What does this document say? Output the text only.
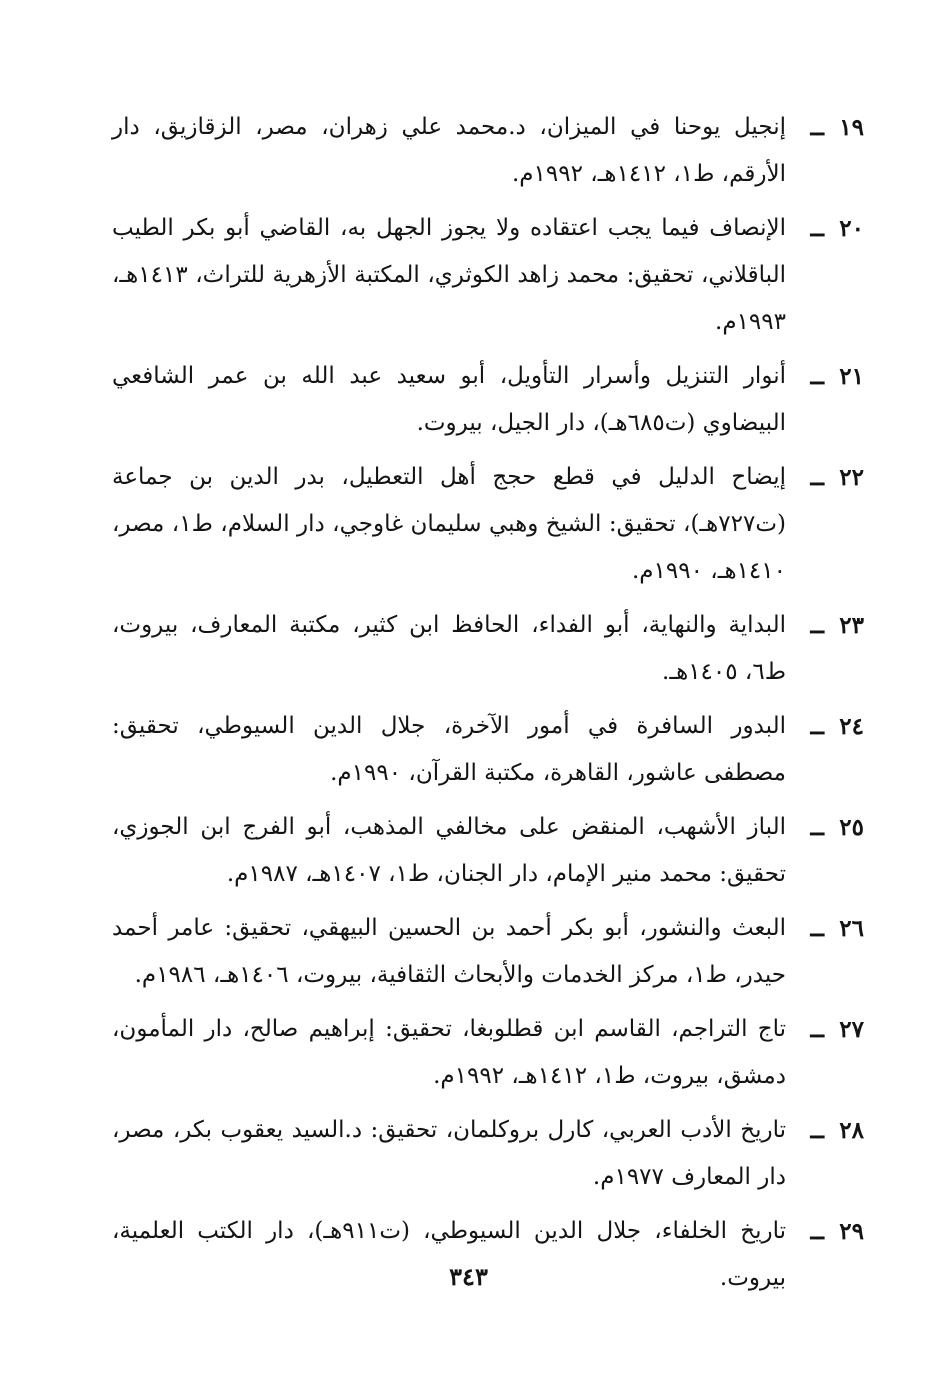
١٩
ــ
إنجيل يوحنا في الميزان، د.محمد علي زهران، مصر، الزقازيق، دار الأرقم، ط١، ١٤١٢هـ، ١٩٩٢م.
٢٠
ــ
الإنصاف فيما يجب اعتقاده ولا يجوز الجهل به، القاضي أبو بكر الطيب الباقلاني، تحقيق: محمد زاهد الكوثري، المكتبة الأزهرية للتراث، ١٤١٣هـ، ١٩٩٣م.
٢١
ــ
أنوار التنزيل وأسرار التأويل، أبو سعيد عبد الله بن عمر الشافعي البيضاوي (ت٦٨٥هـ)، دار الجيل، بيروت.
٢٢
ــ
إيضاح الدليل في قطع حجج أهل التعطيل، بدر الدين بن جماعة (ت٧٢٧هـ)، تحقيق: الشيخ وهبي سليمان غاوجي، دار السلام، ط١، مصر، ١٤١٠هـ، ١٩٩٠م.
٢٣
ــ
البداية والنهاية، أبو الفداء، الحافظ ابن كثير، مكتبة المعارف، بيروت، ط٦، ١٤٠٥هـ.
٢٤
ــ
البدور السافرة في أمور الآخرة، جلال الدين السيوطي، تحقيق: مصطفى عاشور، القاهرة، مكتبة القرآن، ١٩٩٠م.
٢٥
ــ
الباز الأشهب، المنقض على مخالفي المذهب، أبو الفرج ابن الجوزي، تحقيق: محمد منير الإمام، دار الجنان، ط١، ١٤٠٧هـ، ١٩٨٧م.
٢٦
ــ
البعث والنشور، أبو بكر أحمد بن الحسين البيهقي، تحقيق: عامر أحمد حيدر، ط١، مركز الخدمات والأبحاث الثقافية، بيروت، ١٤٠٦هـ، ١٩٨٦م.
٢٧
ــ
تاج التراجم، القاسم ابن قطلوبغا، تحقيق: إبراهيم صالح، دار المأمون، دمشق، بيروت، ط١، ١٤١٢هـ، ١٩٩٢م.
٢٨
ــ
تاريخ الأدب العربي، كارل بروكلمان، تحقيق: د.السيد يعقوب بكر، مصر، دار المعارف ١٩٧٧م.
٢٩
ــ
تاريخ الخلفاء، جلال الدين السيوطي، (ت٩١١هـ)، دار الكتب العلمية، بيروت.
٣٤٣
